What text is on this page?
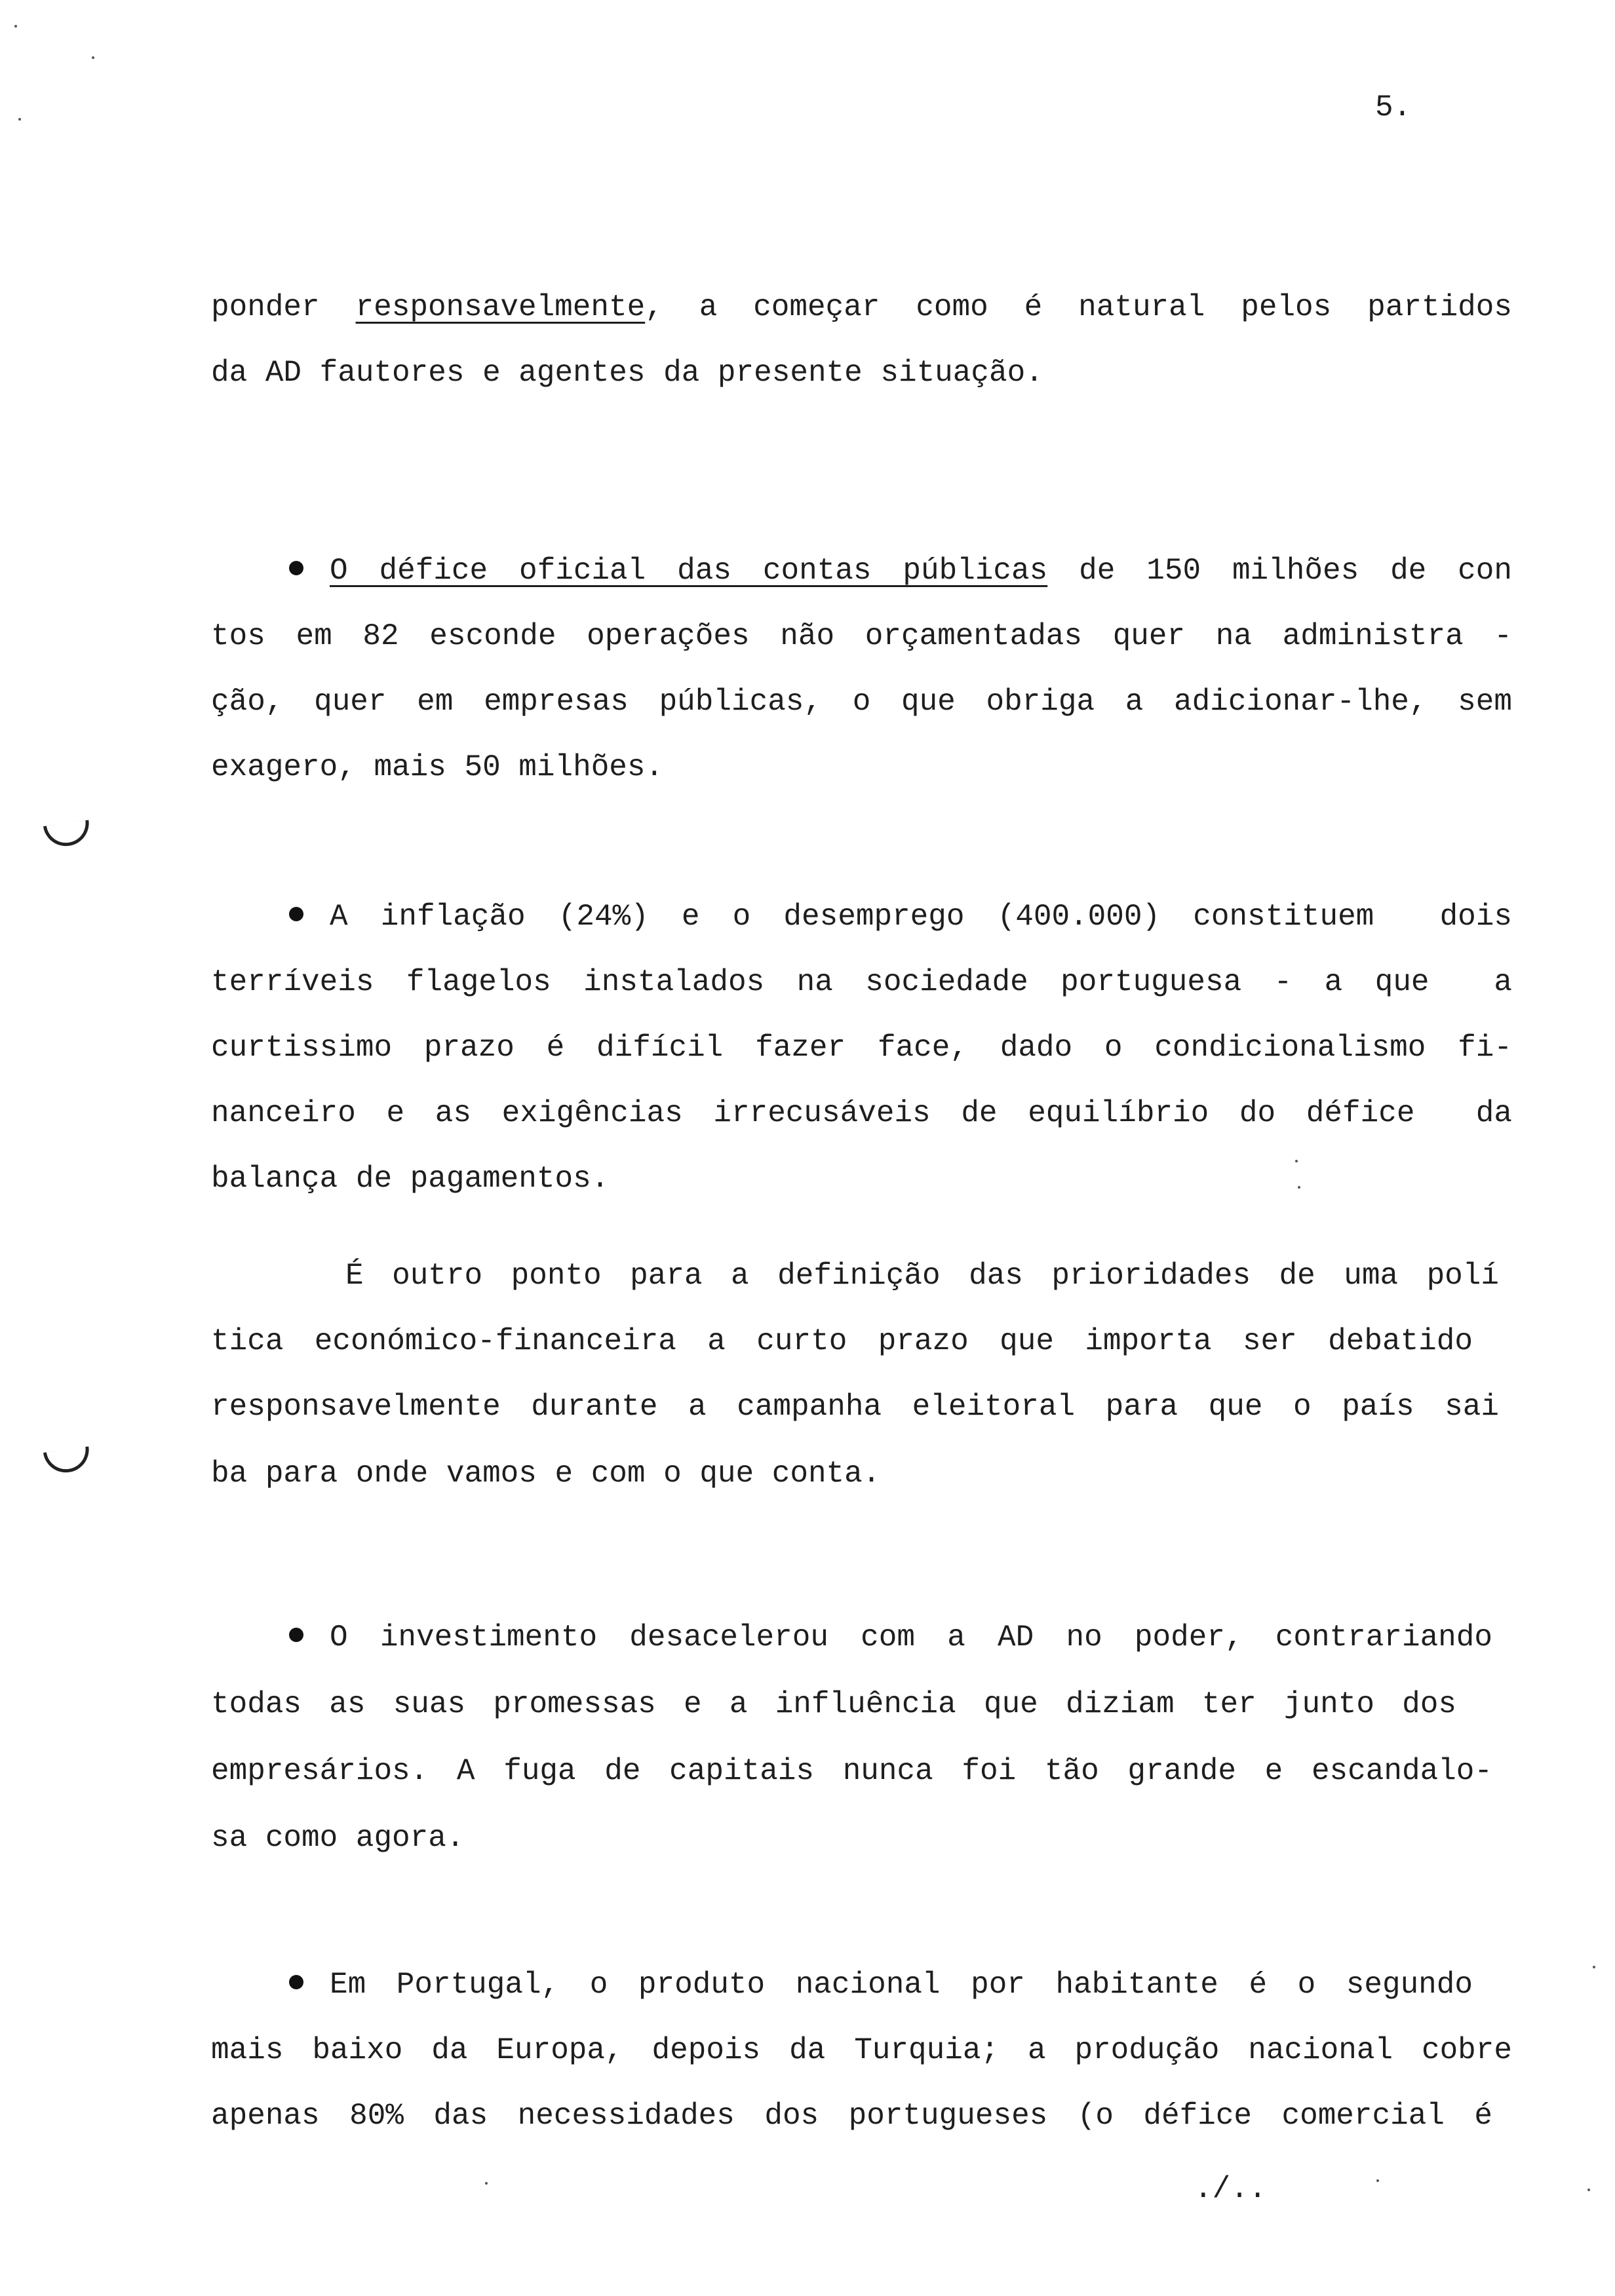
5.
ponder responsavelmente, a começar como é natural pelos partidos
da AD fautores e agentes da presente situação.
O défice oficial das contas públicas de 150 milhões de con
tos em 82 esconde operações não orçamentadas quer na administra -
ção, quer em empresas públicas, o que obriga a adicionar-lhe, sem
exagero, mais 50 milhões.
A inflação (24%) e o desemprego (400.000) constituem  dois
terríveis flagelos instalados na sociedade portuguesa - a que  a
curtissimo prazo é difícil fazer face, dado o condicionalismo fi-
nanceiro e as exigências irrecusáveis de equilíbrio do défice  da
balança de pagamentos.
É outro ponto para a definição das prioridades de uma polí
tica económico-financeira a curto prazo que importa ser debatido
responsavelmente durante a campanha eleitoral para que o país sai
ba para onde vamos e com o que conta.
O investimento desacelerou com a AD no poder, contrariando
todas as suas promessas e a influência que diziam ter junto dos
empresários. A fuga de capitais nunca foi tão grande e escandalo-
sa como agora.
Em Portugal, o produto nacional por habitante é o segundo
mais baixo da Europa, depois da Turquia; a produção nacional cobre
apenas 80% das necessidades dos portugueses (o défice comercial é
./..
